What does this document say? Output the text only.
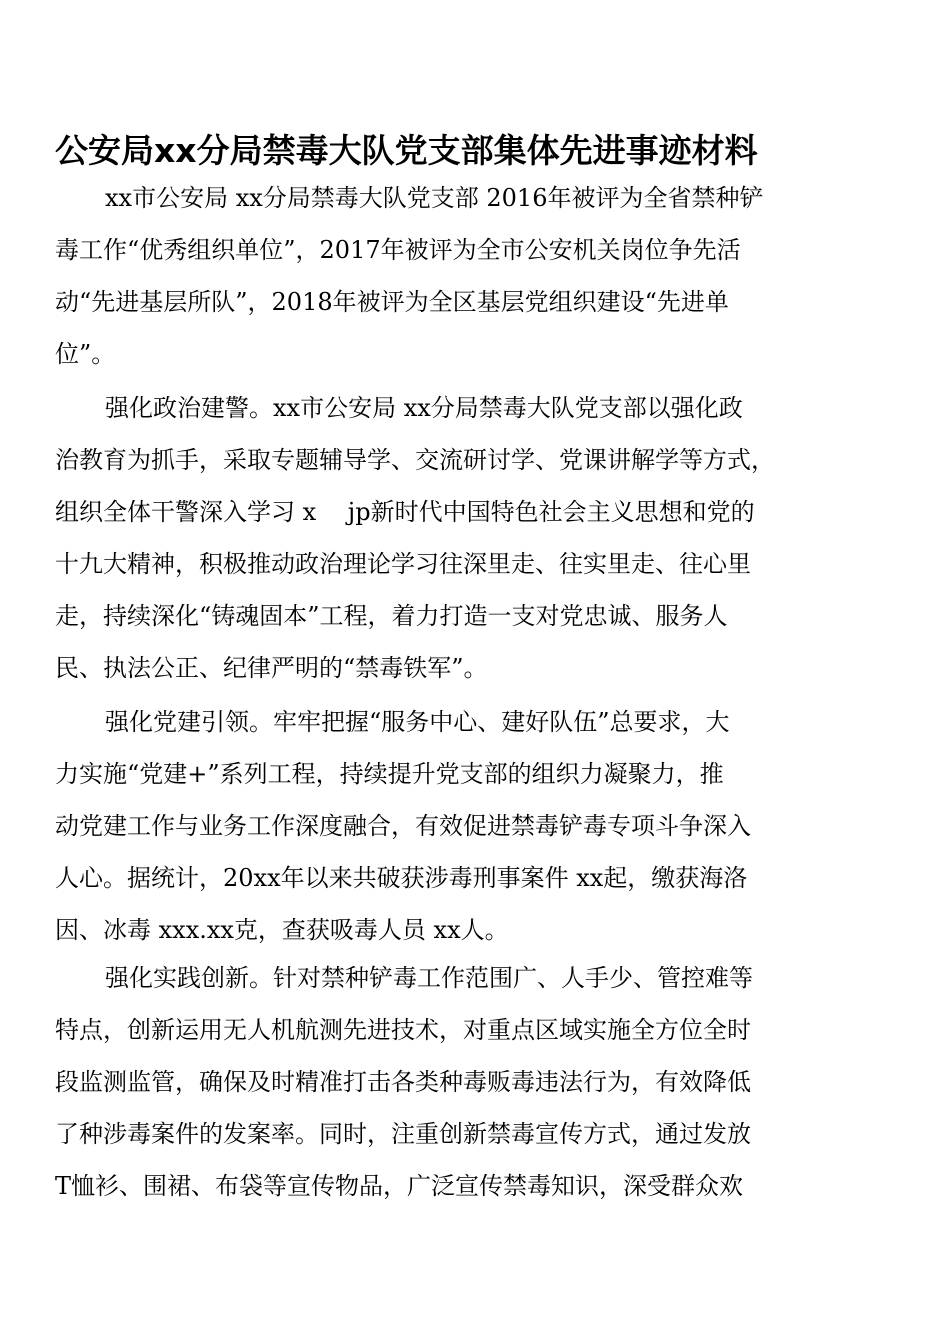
公安局xx分局禁毒大队党支部集体先进事迹材料
xx市公安局 xx分局禁毒大队党支部 2016年被评为全省禁种铲
毒工作“优秀组织单位”，2017年被评为全市公安机关岗位争先活
动“先进基层所队”，2018年被评为全区基层党组织建设“先进单
位”。
强化政治建警。xx市公安局 xx分局禁毒大队党支部以强化政
治教育为抓手，采取专题辅导学、交流研讨学、党课讲解学等方式，
组织全体干警深入学习 x　 jp新时代中国特色社会主义思想和党的
十九大精神，积极推动政治理论学习往深里走、往实里走、往心里
走，持续深化“铸魂固本”工程，着力打造一支对党忠诚、服务人
民、执法公正、纪律严明的“禁毒铁军”。
强化党建引领。牢牢把握“服务中心、建好队伍”总要求，大
力实施“党建+”系列工程，持续提升党支部的组织力凝聚力，推
动党建工作与业务工作深度融合，有效促进禁毒铲毒专项斗争深入
人心。据统计，20xx年以来共破获涉毒刑事案件 xx起，缴获海洛
因、冰毒 xxx.xx克，查获吸毒人员 xx人。
强化实践创新。针对禁种铲毒工作范围广、人手少、管控难等
特点，创新运用无人机航测先进技术，对重点区域实施全方位全时
段监测监管，确保及时精准打击各类种毒贩毒违法行为，有效降低
了种涉毒案件的发案率。同时，注重创新禁毒宣传方式，通过发放
T恤衫、围裙、布袋等宣传物品，广泛宣传禁毒知识，深受群众欢
